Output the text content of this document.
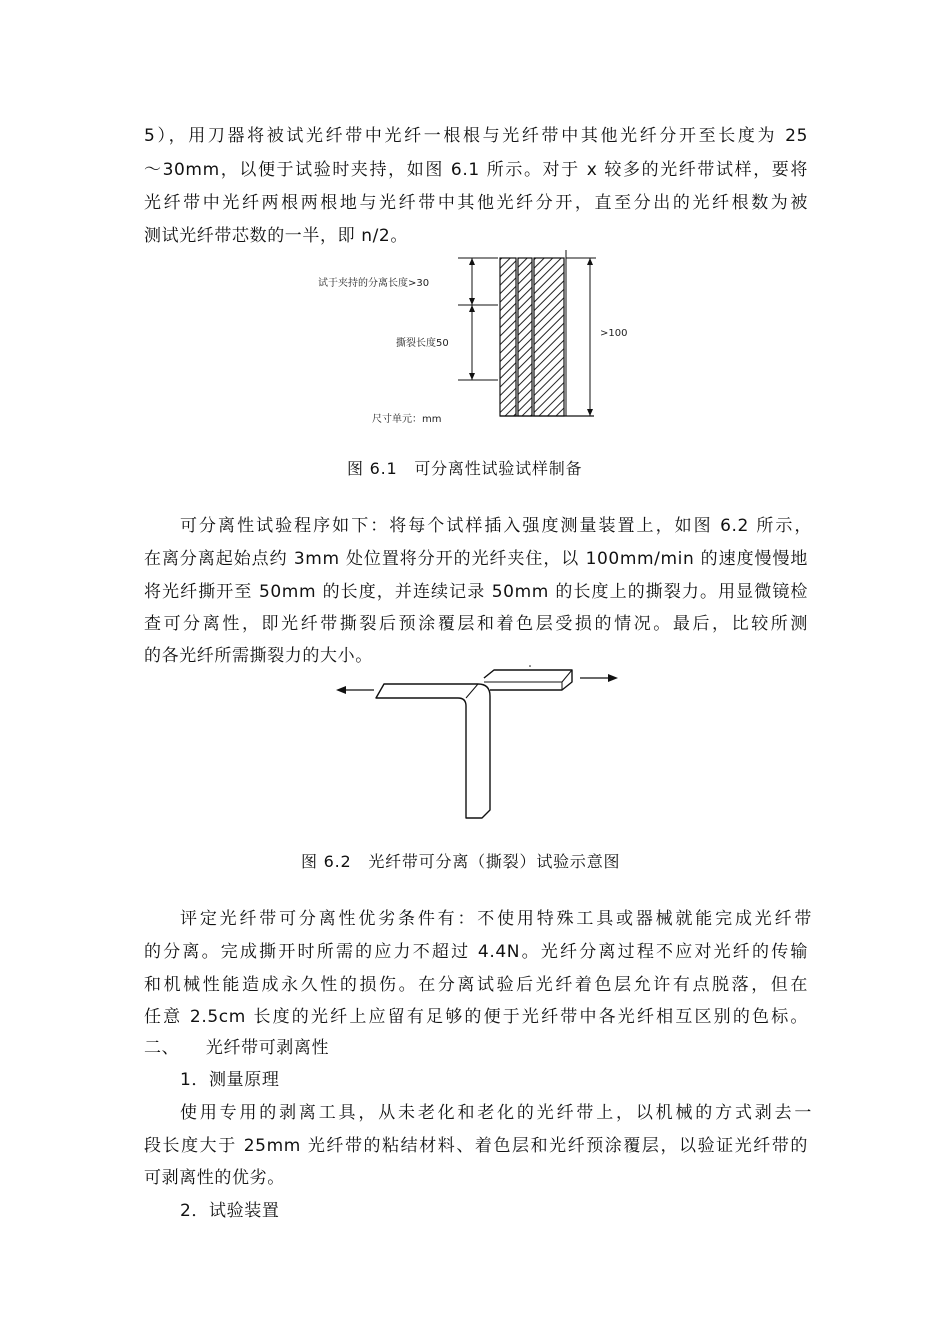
5），用刀器将被试光纤带中光纤一根根与光纤带中其他光纤分开至长度为 25
～30mm，以便于试验时夹持，如图 6.1 所示。对于 x 较多的光纤带试样，要将
光纤带中光纤两根两根地与光纤带中其他光纤分开，直至分出的光纤根数为被
测试光纤带芯数的一半，即 n/2。
试于夹持的分离长度>30
撕裂长度50
>100
尺寸单元：mm
图 6.1　可分离性试验试样制备
可分离性试验程序如下：将每个试样插入强度测量装置上，如图 6.2 所示，
在离分离起始点约 3mm 处位置将分开的光纤夹住，以 100mm/min 的速度慢慢地
将光纤撕开至 50mm 的长度，并连续记录 50mm 的长度上的撕裂力。用显微镜检
查可分离性，即光纤带撕裂后预涂覆层和着色层受损的情况。最后，比较所测
的各光纤所需撕裂力的大小。
图 6.2　光纤带可分离（撕裂）试验示意图
评定光纤带可分离性优劣条件有：不使用特殊工具或器械就能完成光纤带
的分离。完成撕开时所需的应力不超过 4.4N。光纤分离过程不应对光纤的传输
和机械性能造成永久性的损伤。在分离试验后光纤着色层允许有点脱落，但在
任意 2.5cm 长度的光纤上应留有足够的便于光纤带中各光纤相互区别的色标。
二、　　光纤带可剥离性
1．测量原理
使用专用的剥离工具，从未老化和老化的光纤带上，以机械的方式剥去一
段长度大于 25mm 光纤带的粘结材料、着色层和光纤预涂覆层，以验证光纤带的
可剥离性的优劣。
2．试验装置
